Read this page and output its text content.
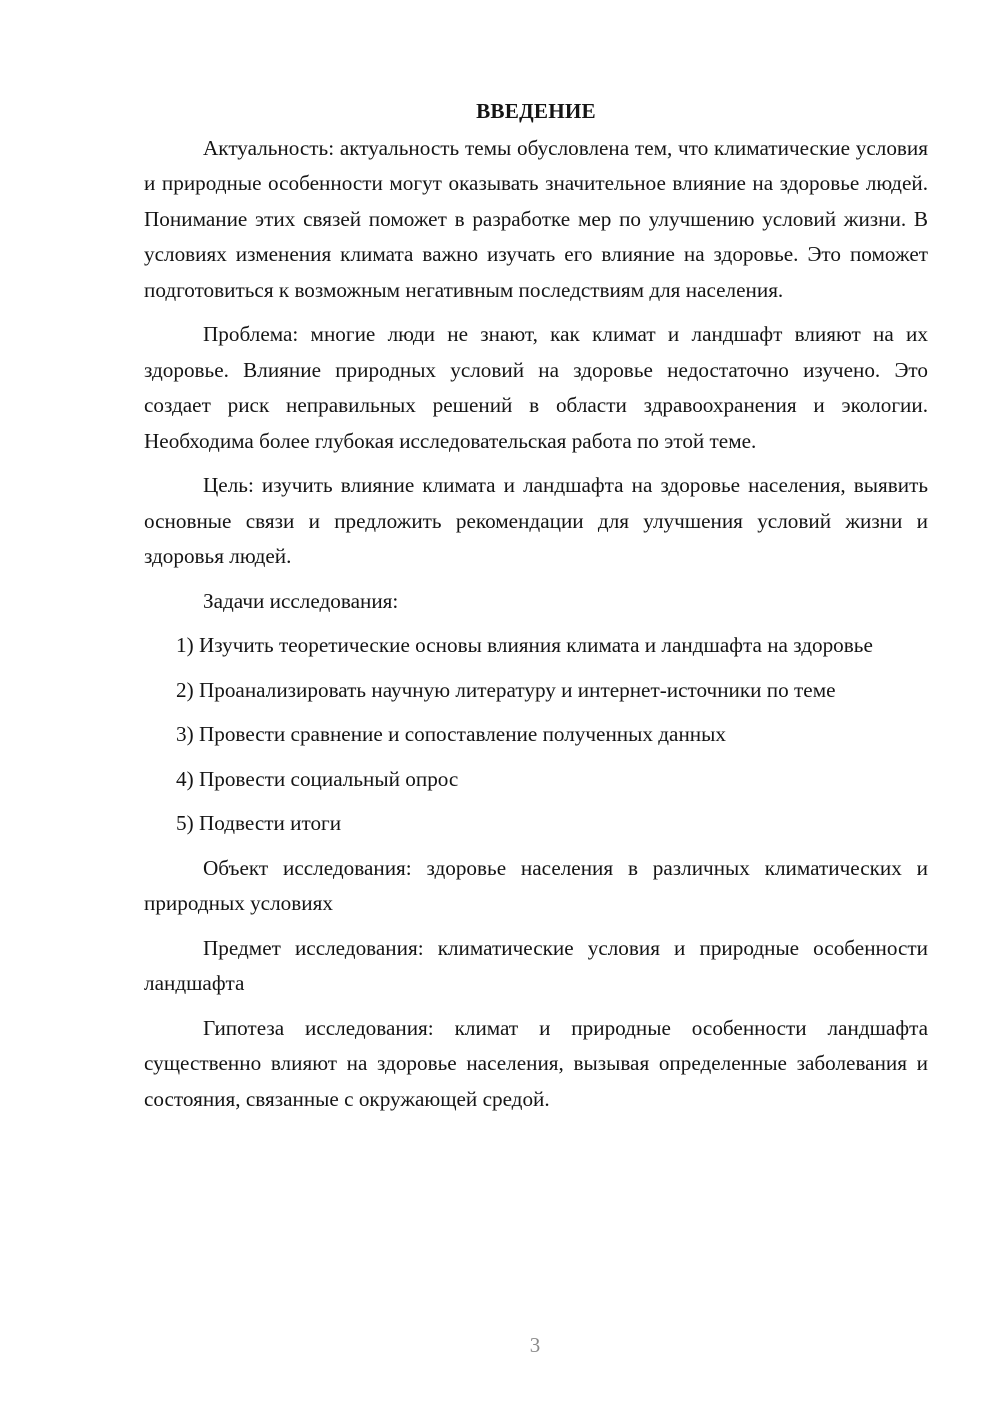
ВВЕДЕНИЕ

Актуальность: актуальность темы обусловлена тем, что климатические условия и природные особенности могут оказывать значительное влияние на здоровье людей. Понимание этих связей поможет в разработке мер по улучшению условий жизни. В условиях изменения климата важно изучать его влияние на здоровье. Это поможет подготовиться к возможным негативным последствиям для населения.

Проблема: многие люди не знают, как климат и ландшафт влияют на их здоровье. Влияние природных условий на здоровье недостаточно изучено. Это создает риск неправильных решений в области здравоохранения и экологии. Необходима более глубокая исследовательская работа по этой теме.

Цель: изучить влияние климата и ландшафта на здоровье населения, выявить основные связи и предложить рекомендации для улучшения условий жизни и здоровья людей.

Задачи исследования:

1) Изучить теоретические основы влияния климата и ландшафта на здоровье

2) Проанализировать научную литературу и интернет-источники по теме

3) Провести сравнение и сопоставление полученных данных

4) Провести социальный опрос

5) Подвести итоги

Объект исследования: здоровье населения в различных климатических и природных условиях

Предмет исследования: климатические условия и природные особенности ландшафта

Гипотеза исследования: климат и природные особенности ландшафта существенно влияют на здоровье населения, вызывая определенные заболевания и состояния, связанные с окружающей средой.

3
